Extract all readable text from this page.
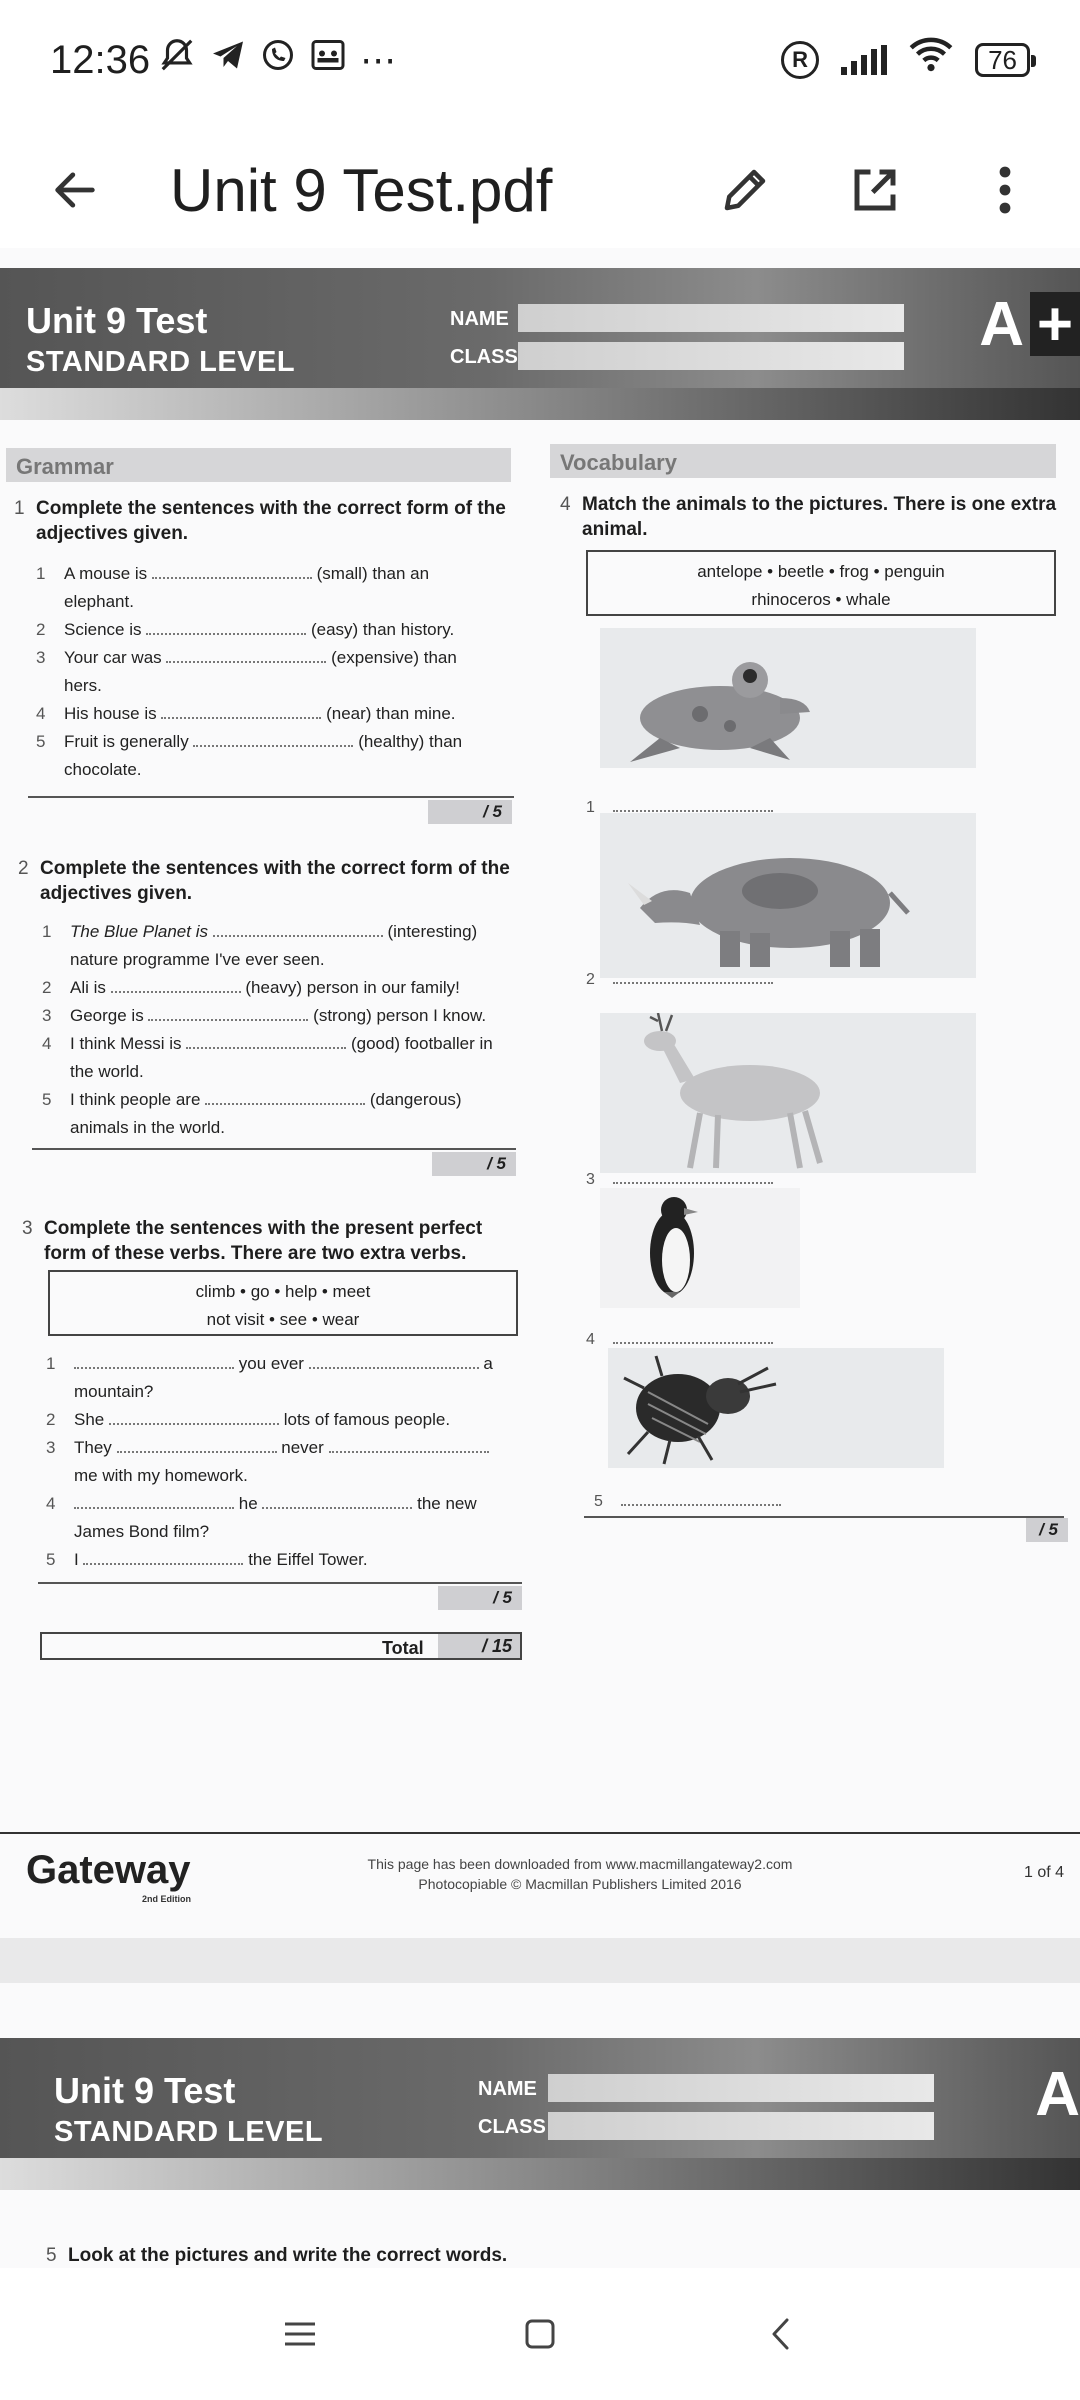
12:36	⋯	R	76
Unit 9 Test.pdf
Unit 9 Test
STANDARD LEVEL
NAME
CLASS	A +
Grammar
1 Complete the sentences with the correct form of the adjectives given.
1 A mouse is	(small) than an
elephant.
2 Science is	(easy) than history.
3 Your car was	(expensive) than
hers.
4 His house is	(near) than mine.
5 Fruit is generally	(healthy) than
chocolate.
/ 5
2 Complete the sentences with the correct form of the adjectives given.
1 The Blue Planet is	(interesting)
nature programme I've ever seen.
2 Ali is	(heavy) person in our family!
3 George is	(strong) person I know.
4 I think Messi is	(good) footballer in
the world.
5 I think people are	(dangerous)
animals in the world.
/ 5
3 Complete the sentences with the present perfect form of these verbs. There are two extra verbs.
climb • go • help • meet
not visit • see • wear
1	you ever	a
mountain?
2 She	lots of famous people.
3 They	never
me with my homework.
4	he	the new
James Bond film?
5 I	the Eiffel Tower.
/ 5
Total	/ 15
Vocabulary
4 Match the animals to the pictures. There is one extra animal.
antelope • beetle • frog • penguin
rhinoceros • whale
1
2
3
4
5
/ 5
Gateway
2nd Edition
This page has been downloaded from www.macmillangateway2.com
Photocopiable © Macmillan Publishers Limited 2016
1 of 4
Unit 9 Test
STANDARD LEVEL
NAME
CLASS	A
5 Look at the pictures and write the correct words.
